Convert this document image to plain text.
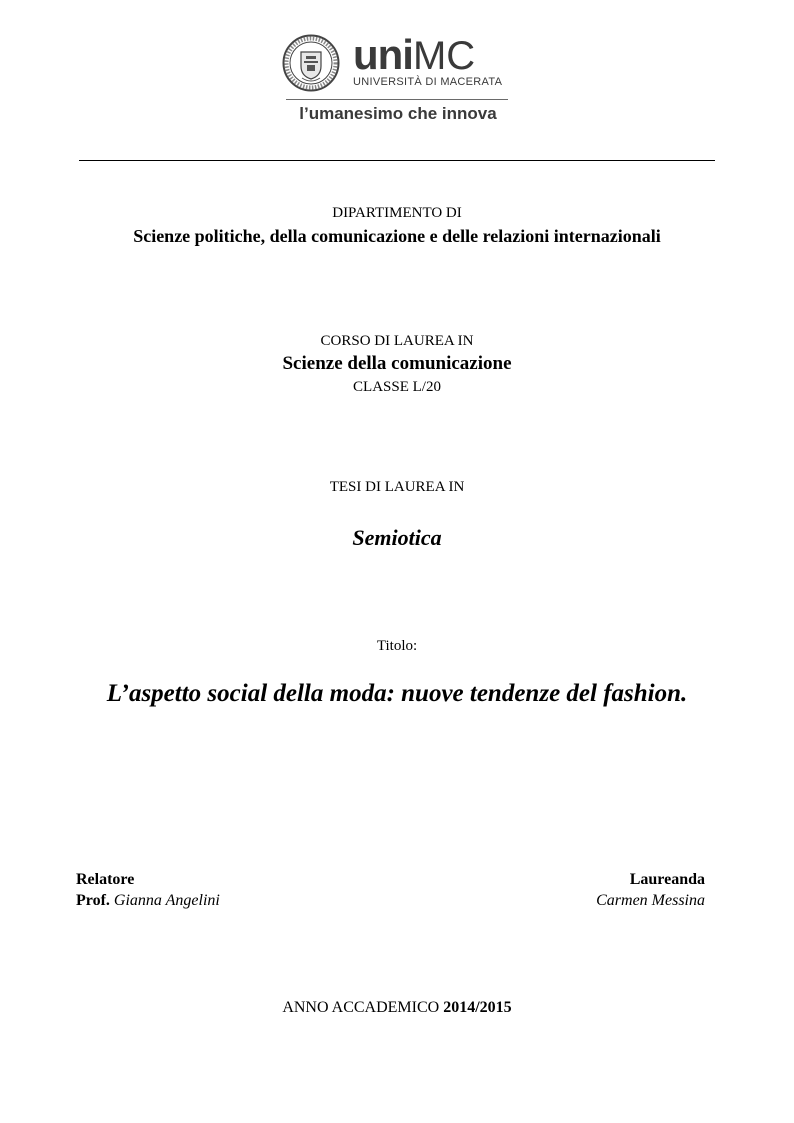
uniMC
UNIVERSITÀ DI MACERATA
l’umanesimo che innova
DIPARTIMENTO DI
Scienze politiche, della comunicazione e delle relazioni internazionali
CORSO DI LAUREA IN
Scienze della comunicazione
CLASSE L/20
TESI DI LAUREA IN
Semiotica
Titolo:
L’aspetto social della moda: nuove tendenze del fashion.
Relatore
Prof. Gianna Angelini
Laureanda
Carmen Messina
ANNO ACCADEMICO 2014/2015
